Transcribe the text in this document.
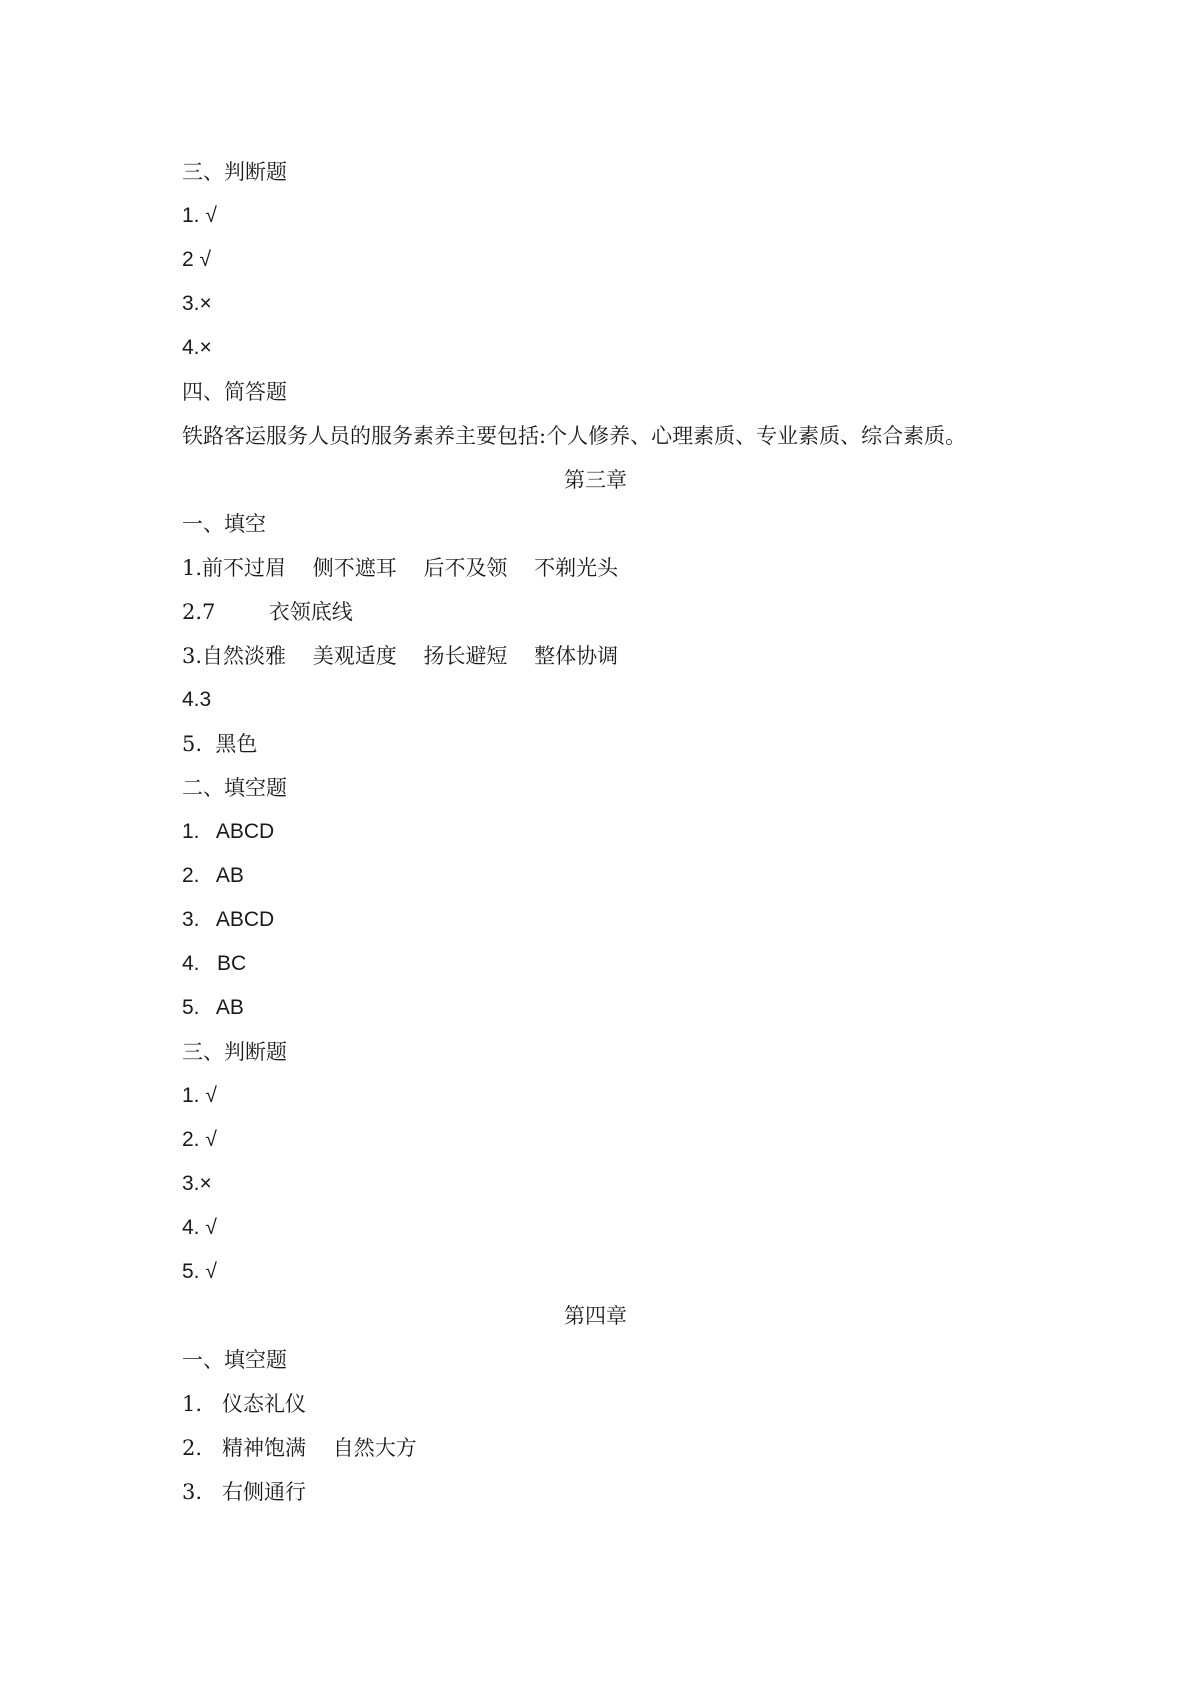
三、判断题

1. √

2 √

3.×

4.×

四、简答题

铁路客运服务人员的服务素养主要包括:个人修养、心理素质、专业素质、综合素质。

第三章

一、填空

1.前不过眉    侧不遮耳    后不及领    不剃光头

2.7        衣领底线

3.自然淡雅    美观适度    扬长避短    整体协调

4.3

5.  黑色

二、填空题

1.   ABCD

2.   AB

3.   ABCD

4.   BC

5.   AB

三、判断题

1. √

2. √

3.×

4. √

5. √

第四章

一、填空题

1.   仪态礼仪

2.   精神饱满    自然大方

3.   右侧通行
